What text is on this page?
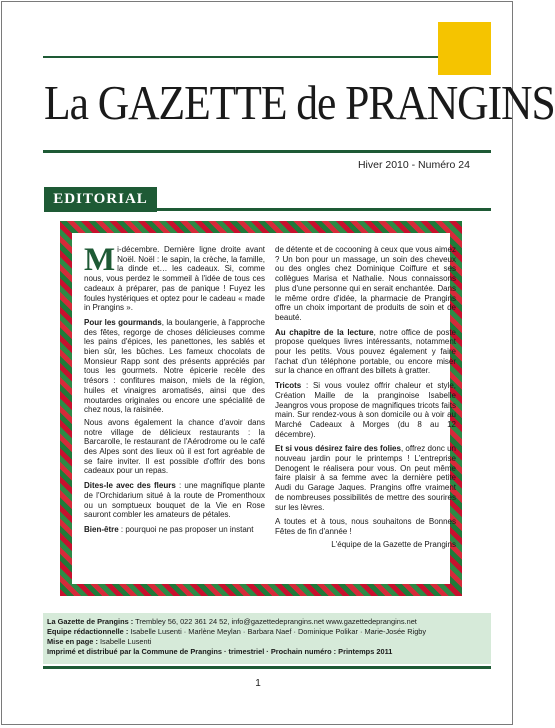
La GAZETTE de PRANGINS
Hiver 2010 - Numéro 24
EDITORIAL

Mi-décembre. Dernière ligne droite avant Noël. Noël : le sapin, la crèche, la famille, la dinde et… les cadeaux. Si, comme nous, vous perdez le sommeil à l'idée de tous ces cadeaux à préparer, pas de panique ! Fuyez les foules hystériques et optez pour le cadeau « made in Prangins ».

Pour les gourmands, la boulangerie, à l'approche des fêtes, regorge de choses délicieuses comme les pains d'épices, les panettones, les sablés et bien sûr, les bûches. Les fameux chocolats de Monsieur Rapp sont des présents appréciés par tous les gourmets. Notre épicerie recèle des trésors : confitures maison, miels de la région, huiles et vinaigres aromatisés, ainsi que des moutardes originales ou encore une spécialité de chez nous, la raisinée.

Nous avons également la chance d'avoir dans notre village de délicieux restaurants : la Barcarolle, le restaurant de l'Aérodrome ou le café des Alpes sont des lieux où il est fort agréable de se faire inviter. Il est possible d'offrir des bons cadeaux pour un repas.

Dites-le avec des fleurs : une magnifique plante de l'Orchidarium situé à la route de Promenthoux ou un somptueux bouquet de la Vie en Rose sauront combler les amateurs de pétales.

Bien-être : pourquoi ne pas proposer un instant

de détente et de cocooning à ceux que vous aimez ? Un bon pour un massage, un soin des cheveux ou des ongles chez Dominique Coiffure et ses collègues Marisa et Nathalie. Nous connaissons plus d'une personne qui en serait enchantée. Dans le même ordre d'idée, la pharmacie de Prangins offre un choix important de produits de soin et de beauté.

Au chapitre de la lecture, notre office de poste propose quelques livres intéressants, notamment pour les petits. Vous pouvez également y faire l'achat d'un téléphone portable, ou encore miser sur la chance en offrant des billets à gratter.

Tricots : Si vous voulez offrir chaleur et style, Création Maille de la pranginoise Isabelle Jeangros vous propose de magnifiques tricots faits main. Sur rendez-vous à son domicile ou à voir au Marché Cadeaux à Morges (du 8 au 12 décembre).

Et si vous désirez faire des folies, offrez donc un nouveau jardin pour le printemps ! L'entreprise Denogent le réalisera pour vous. On peut même faire plaisir à sa femme avec la dernière petite Audi du Garage Jaques. Prangins offre vraiment de nombreuses possibilités de mettre des sourires sur les lèvres.

A toutes et à tous, nous souhaitons de Bonnes Fêtes de fin d'année !

L'équipe de la Gazette de Prangins

La Gazette de Prangins : Trembley 56, 022 361 24 52, info@gazettedeprangins.net www.gazettedeprangins.net
Equipe rédactionnelle : Isabelle Lusenti · Marlène Meylan · Barbara Naef · Dominique Polikar · Marie-Josée Rigby
Mise en page : Isabelle Lusenti
Imprimé et distribué par la Commune de Prangins · trimestriel · Prochain numéro : Printemps 2011
1
